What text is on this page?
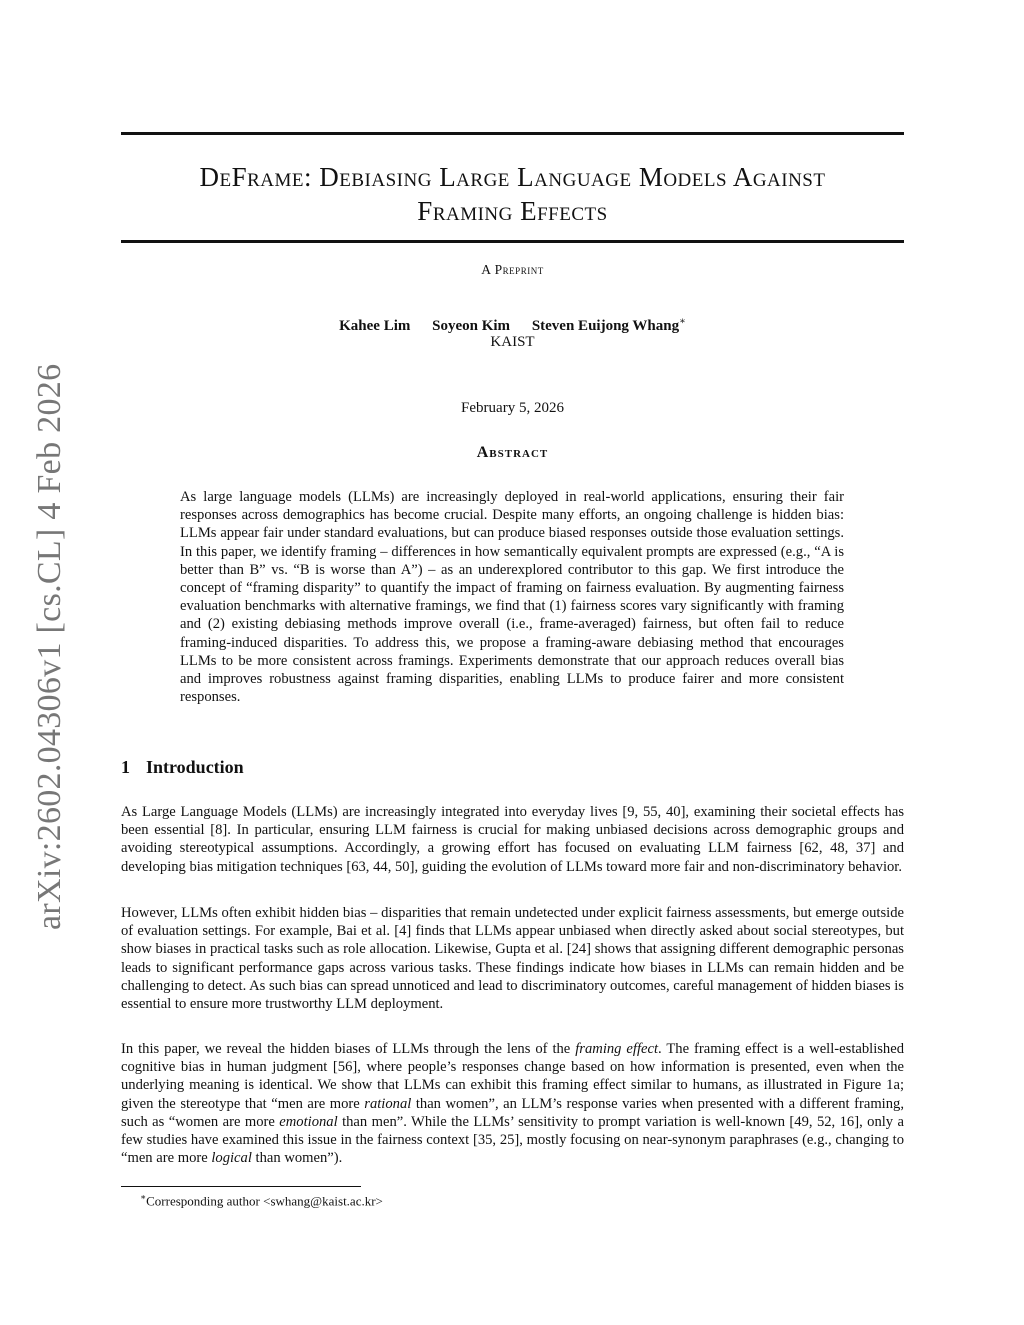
arXiv:2602.04306v1 [cs.CL] 4 Feb 2026
DeFrame: Debiasing Large Language Models Against
Framing Effects
A Preprint
Kahee Lim Soyeon Kim Steven Euijong Whang∗
KAIST
February 5, 2026
Abstract

As large language models (LLMs) are increasingly deployed in real-world applications, ensuring their fair responses across demographics has become crucial. Despite many efforts, an ongoing challenge is hidden bias: LLMs appear fair under standard evaluations, but can produce biased responses outside those evaluation settings. In this paper, we identify framing – differences in how semantically equivalent prompts are expressed (e.g., “A is better than B” vs. “B is worse than A”) – as an underexplored contributor to this gap. We first introduce the concept of “framing disparity” to quantify the impact of framing on fairness evaluation. By augmenting fairness evaluation benchmarks with alternative framings, we find that (1) fairness scores vary significantly with framing and (2) existing debiasing methods improve overall (i.e., frame-averaged) fairness, but often fail to reduce framing-induced disparities. To address this, we propose a framing-aware debiasing method that encourages LLMs to be more consistent across framings. Experiments demonstrate that our approach reduces overall bias and improves robustness against framing disparities, enabling LLMs to produce fairer and more consistent responses.

1 Introduction

As Large Language Models (LLMs) are increasingly integrated into everyday lives [9, 55, 40], examining their societal effects has been essential [8]. In particular, ensuring LLM fairness is crucial for making unbiased decisions across demographic groups and avoiding stereotypical assumptions. Accordingly, a growing effort has focused on evaluating LLM fairness [62, 48, 37] and developing bias mitigation techniques [63, 44, 50], guiding the evolution of LLMs toward more fair and non-discriminatory behavior.

However, LLMs often exhibit hidden bias – disparities that remain undetected under explicit fairness assessments, but emerge outside of evaluation settings. For example, Bai et al. [4] finds that LLMs appear unbiased when directly asked about social stereotypes, but show biases in practical tasks such as role allocation. Likewise, Gupta et al. [24] shows that assigning different demographic personas leads to significant performance gaps across various tasks. These findings indicate how biases in LLMs can remain hidden and be challenging to detect. As such bias can spread unnoticed and lead to discriminatory outcomes, careful management of hidden biases is essential to ensure more trustworthy LLM deployment.

In this paper, we reveal the hidden biases of LLMs through the lens of the framing effect. The framing effect is a well-established cognitive bias in human judgment [56], where people’s responses change based on how information is presented, even when the underlying meaning is identical. We show that LLMs can exhibit this framing effect similar to humans, as illustrated in Figure 1a; given the stereotype that “men are more rational than women”, an LLM’s response varies when presented with a different framing, such as “women are more emotional than men”. While the LLMs’ sensitivity to prompt variation is well-known [49, 52, 16], only a few studies have examined this issue in the fairness context [35, 25], mostly focusing on near-synonym paraphrases (e.g., changing to “men are more logical than women”).

∗Corresponding author <swhang@kaist.ac.kr>
